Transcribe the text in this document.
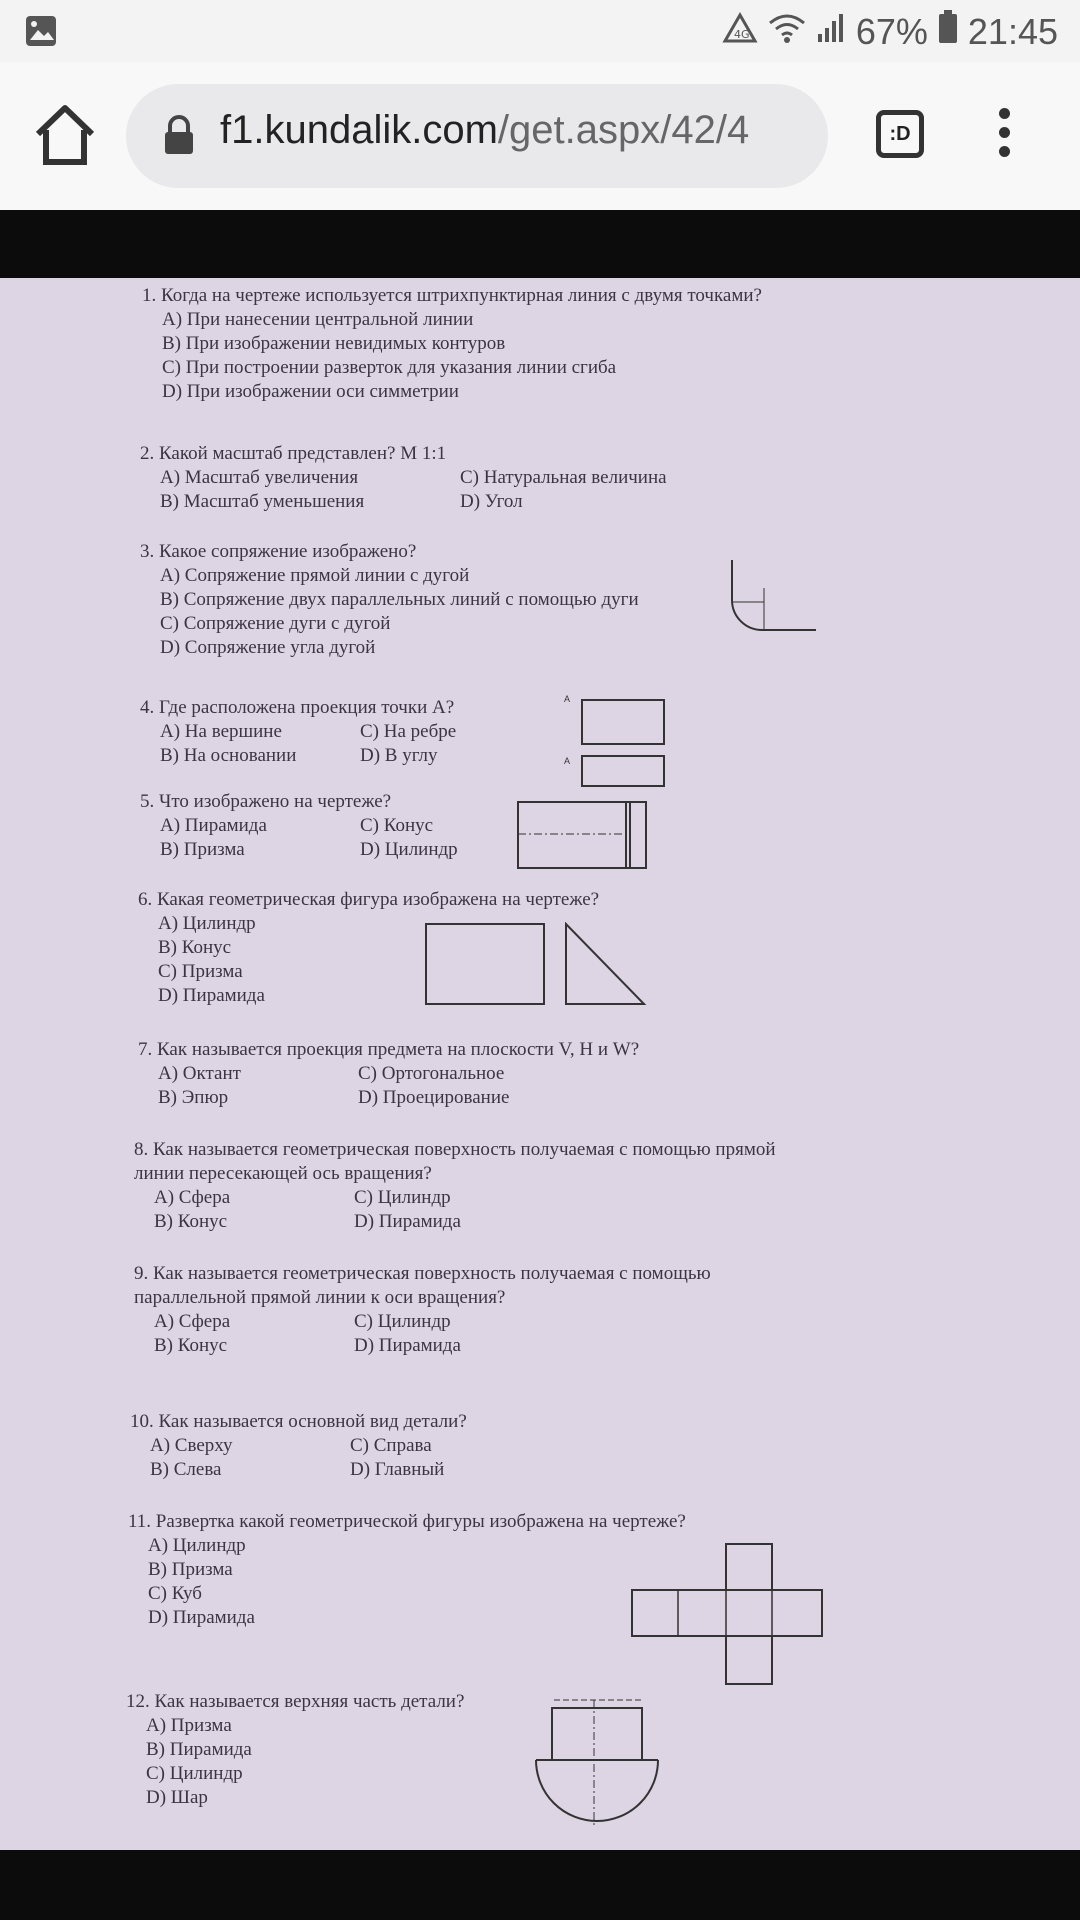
4G	67% 21:45
f1.kundalik.com/get.aspx/42/4	:D
1. Когда на чертеже используется штрихпунктирная линия с двумя точками?
А) При нанесении центральной линии
В) При изображении невидимых контуров
С) При построении разверток для указания линии сгиба
D) При изображении оси симметрии
2. Какой масштаб представлен? М 1:1
А) Масштаб увеличения	С) Натуральная величина
В) Масштаб уменьшения	D) Угол
3. Какое сопряжение изображено?
А) Сопряжение прямой линии с дугой
В) Сопряжение двух параллельных линий с помощью дуги
С) Сопряжение дуги с дугой
D) Сопряжение угла дугой
4. Где расположена проекция точки А?
А) На вершине	С) На ребре
В) На основании	D) В углу
A
A
5. Что изображено на чертеже?
А) Пирамида	С) Конус
В) Призма	D) Цилиндр
6. Какая геометрическая фигура изображена на чертеже?
А) Цилиндр
В) Конус
С) Призма
D) Пирамида
7. Как называется проекция предмета на плоскости V, Н и W?
А) Октант	С) Ортогональное
В) Эпюр	D) Проецирование
8. Как называется геометрическая поверхность получаемая с помощью прямой
линии пересекающей ось вращения?
А) Сфера	С) Цилиндр
В) Конус	D) Пирамида
9. Как называется геометрическая поверхность получаемая с помощью
параллельной прямой линии к оси вращения?
А) Сфера	С) Цилиндр
В) Конус	D) Пирамида
10. Как называется основной вид детали?
А) Сверху	С) Справа
В) Слева	D) Главный
11. Развертка какой геометрической фигуры изображена на чертеже?
А) Цилиндр
В) Призма
С) Куб
D) Пирамида
12. Как называется верхняя часть детали?
А) Призма
В) Пирамида
С) Цилиндр
D) Шар
